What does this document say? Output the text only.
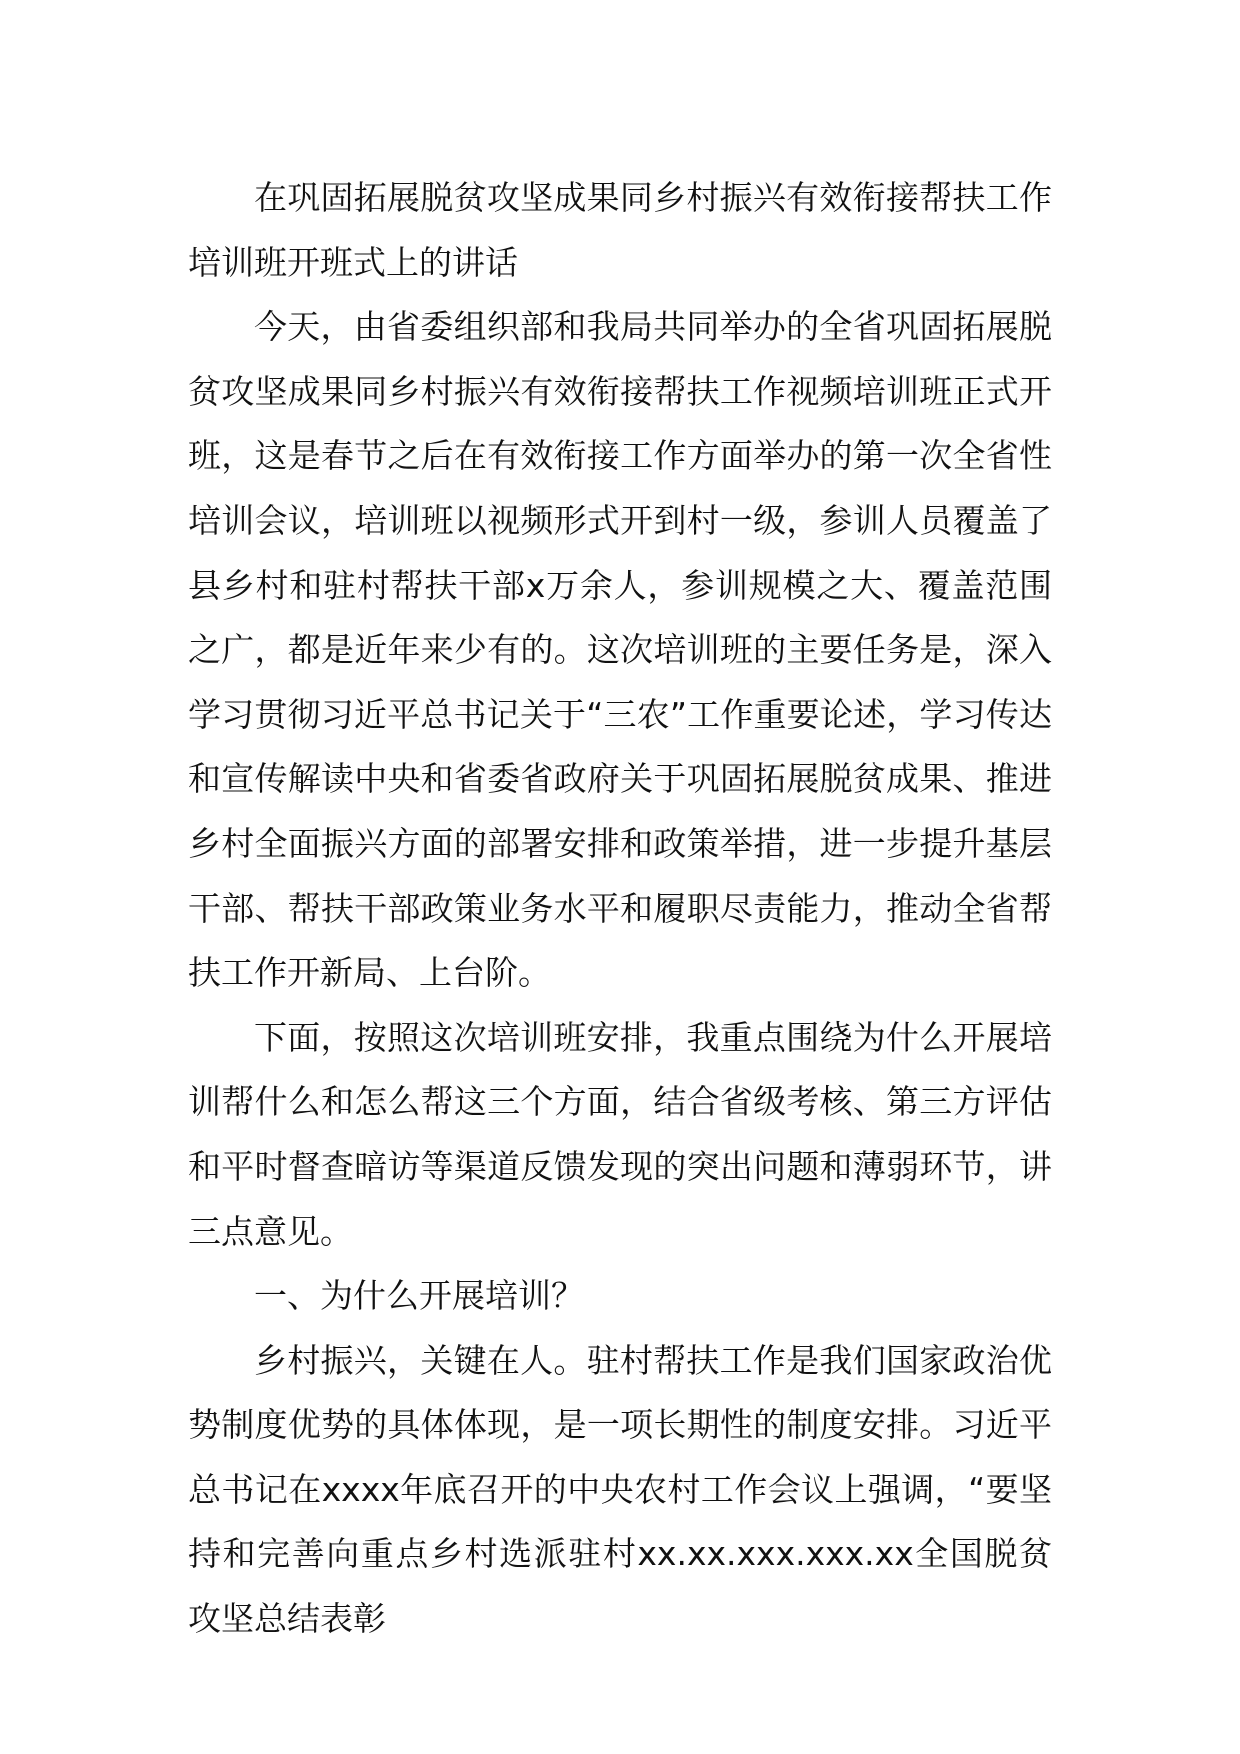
在巩固拓展脱贫攻坚成果同乡村振兴有效衔接帮扶工作培训班开班式上的讲话

今天，由省委组织部和我局共同举办的全省巩固拓展脱贫攻坚成果同乡村振兴有效衔接帮扶工作视频培训班正式开班，这是春节之后在有效衔接工作方面举办的第一次全省性培训会议，培训班以视频形式开到村一级，参训人员覆盖了县乡村和驻村帮扶干部x万余人，参训规模之大、覆盖范围之广，都是近年来少有的。这次培训班的主要任务是，深入学习贯彻习近平总书记关于“三农”工作重要论述，学习传达和宣传解读中央和省委省政府关于巩固拓展脱贫成果、推进乡村全面振兴方面的部署安排和政策举措，进一步提升基层干部、帮扶干部政策业务水平和履职尽责能力，推动全省帮扶工作开新局、上台阶。

下面，按照这次培训班安排，我重点围绕为什么开展培训帮什么和怎么帮这三个方面，结合省级考核、第三方评估和平时督查暗访等渠道反馈发现的突出问题和薄弱环节，讲三点意见。

一、为什么开展培训？

乡村振兴，关键在人。驻村帮扶工作是我们国家政治优势制度优势的具体体现，是一项长期性的制度安排。习近平总书记在xxxx年底召开的中央农村工作会议上强调，“要坚持和完善向重点乡村选派驻村xx.xx.xxx.xxx.xx全国脱贫攻坚总结表彰
